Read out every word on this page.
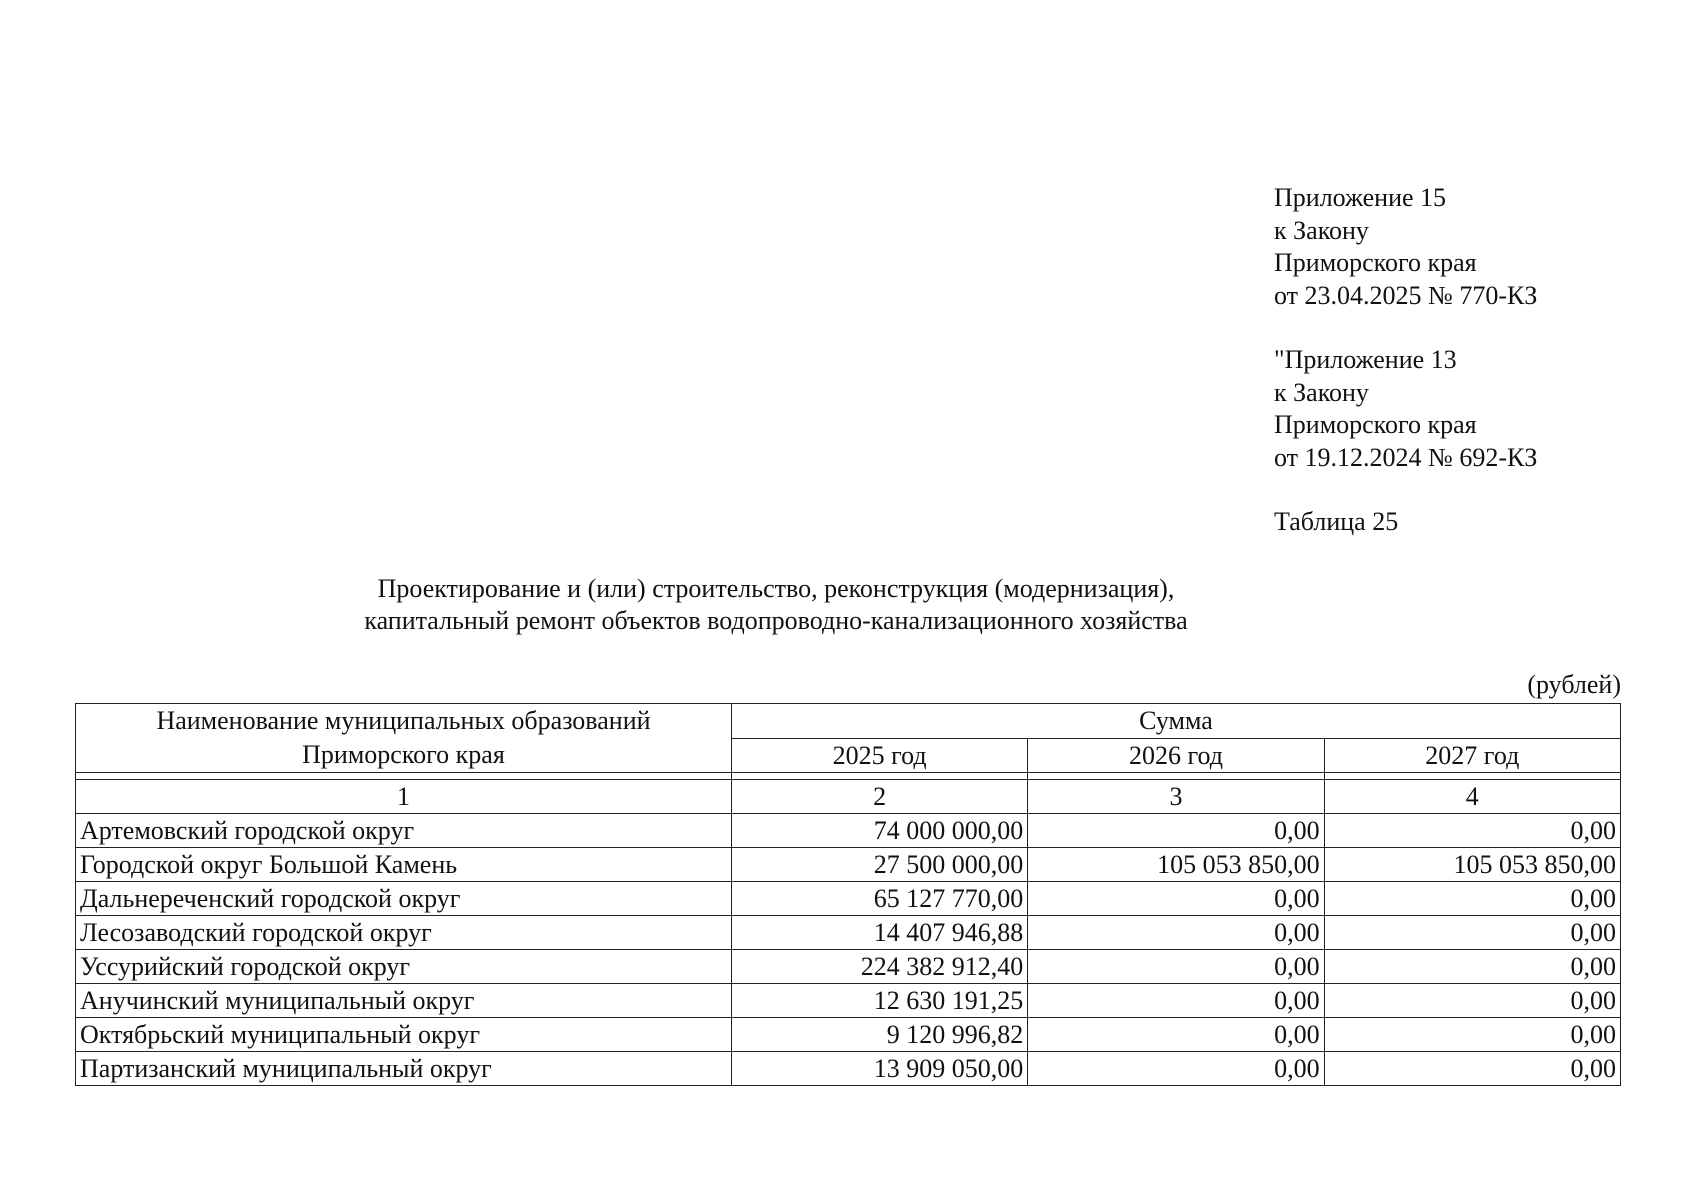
Приложение 15
к Закону
Приморского края
от 23.04.2025 № 770-КЗ
"Приложение 13
к Закону
Приморского края
от 19.12.2024 № 692-КЗ
Таблица 25
Проектирование и (или) строительство, реконструкция (модернизация),
капитальный ремонт объектов водопроводно-канализационного хозяйства
(рублей)
Наименование муниципальных образований Приморского края	Сумма		
	2025 год	2026 год	2027 год

1	2	3	4
Артемовский городской округ	74 000 000,00	0,00	0,00
Городской округ Большой Камень	27 500 000,00	105 053 850,00	105 053 850,00
Дальнереченский городской округ	65 127 770,00	0,00	0,00
Лесозаводский городской округ	14 407 946,88	0,00	0,00
Уссурийский городской округ	224 382 912,40	0,00	0,00
Анучинский муниципальный округ	12 630 191,25	0,00	0,00
Октябрьский муниципальный округ	9 120 996,82	0,00	0,00
Партизанский муниципальный округ	13 909 050,00	0,00	0,00
